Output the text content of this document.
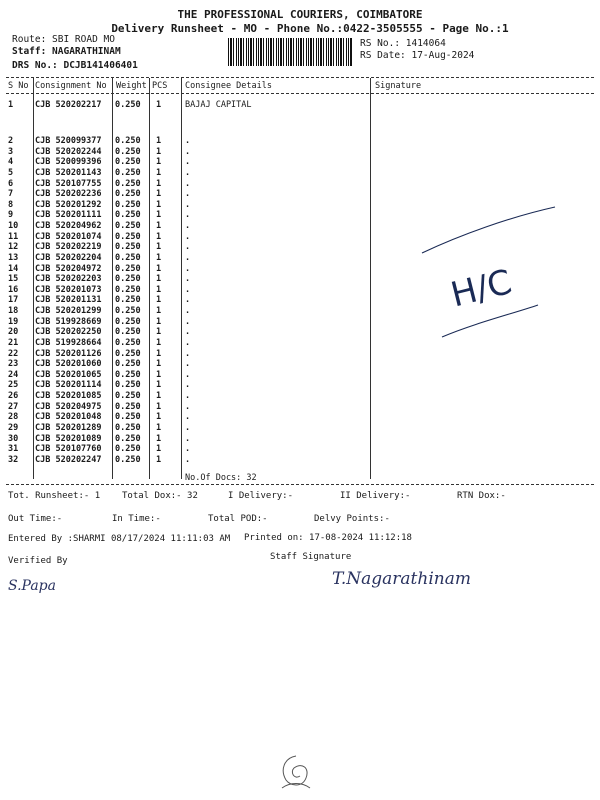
THE PROFESSIONAL COURIERS, COIMBATORE
Delivery Runsheet - MO - Phone No.:0422-3505555 - Page No.:1
Route: SBI ROAD MO
Staff: NAGARATHINAM
DRS No.: DCJB141406401
RS No.: 1414064
RS Date: 17-Aug-2024
S No Consignment No Weight PCS Consignee Details	Signature
1	CJB 520202217 0.250 1	BAJAJ CAPITAL
2	CJB 520099377 0.250 1	.
3	CJB 520202244 0.250 1	.
4	CJB 520099396 0.250 1	.
5	CJB 520201143 0.250 1	.
6	CJB 520107755 0.250 1	.
7	CJB 520202236 0.250 1	.
8	CJB 520201292 0.250 1	.
9	CJB 520201111 0.250 1	.
10 CJB 520204962 0.250 1	.
11 CJB 520201074 0.250 1	.
12 CJB 520202219 0.250 1	.
13 CJB 520202204 0.250 1	.
14 CJB 520204972 0.250 1	.
15 CJB 520202203 0.250 1	.
16 CJB 520201073 0.250 1	.
17 CJB 520201131 0.250 1	.
18 CJB 520201299 0.250 1	.
19 CJB 519928669 0.250 1	.
20 CJB 520202250 0.250 1	.
21 CJB 519928664 0.250 1	.
22 CJB 520201126 0.250 1	.
23 CJB 520201060 0.250 1	.
24 CJB 520201065 0.250 1	.
25 CJB 520201114 0.250 1	.
26 CJB 520201085 0.250 1	.
27 CJB 520204975 0.250 1	.
28 CJB 520201048 0.250 1	.
29 CJB 520201289 0.250 1	.
30 CJB 520201089 0.250 1	.
31 CJB 520107760 0.250 1	.
32 CJB 520202247 0.250 1	.
No.Of Docs: 32
H/C
Tot. Runsheet:- 1 Total Dox:- 32	I Delivery:-	II Delivery:-	RTN Dox:-
Out Time:-	In Time:-	Total POD:-	Delvy Points:-
Entered By :SHARMI 08/17/2024 11:11:03 AM Printed on: 17-08-2024 11:12:18
Verified By	Staff Signature
S.Papa	T.Nagarathinam
